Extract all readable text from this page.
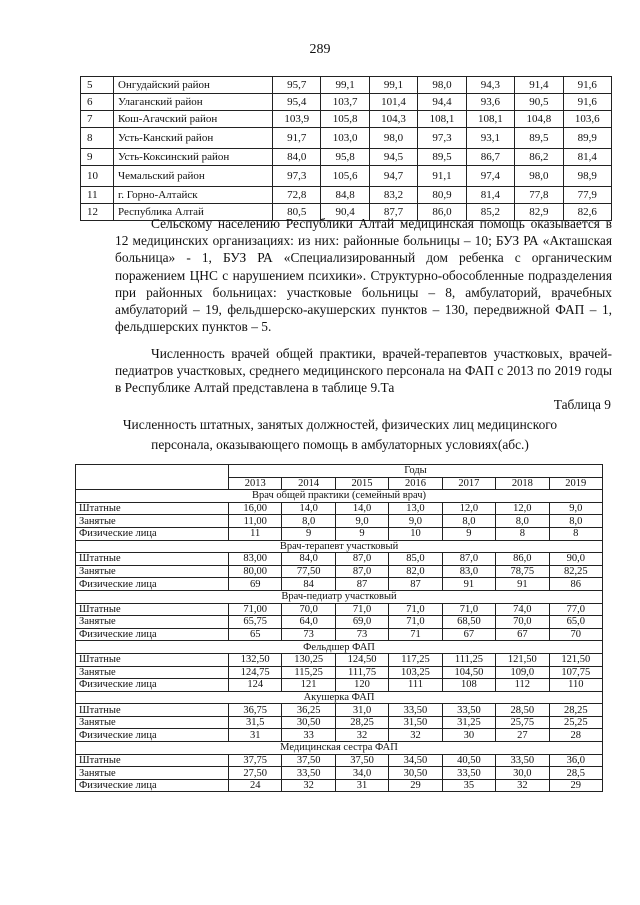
289
5	Онгудайский район	95,7	99,1	99,1	98,0	94,3	91,4	91,6
6	Улаганский район	95,4	103,7	101,4	94,4	93,6	90,5	91,6
7	Кош-Агачский район	103,9	105,8	104,3	108,1	108,1	104,8	103,6
8	Усть-Канский район	91,7	103,0	98,0	97,3	93,1	89,5	89,9
9	Усть-Коксинский район	84,0	95,8	94,5	89,5	86,7	86,2	81,4
10	Чемальский район	97,3	105,6	94,7	91,1	97,4	98,0	98,9
11	г. Горно-Алтайск	72,8	84,8	83,2	80,9	81,4	77,8	77,9
12	Республика Алтай	80,5	90,4	87,7	86,0	85,2	82,9	82,6
Сельскому населению Республики Алтай медицинская помощь оказывается в 12 медицинских организациях: из них: районные больницы – 10; БУЗ РА «Акташская больница» - 1, БУЗ РА «Специализированный дом ребенка с органическим поражением ЦНС с нарушением психики». Структурно-обособленные подразделения при районных больницах: участковые больницы – 8, амбулаторий, врачебных амбулаторий – 19, фельдшерско-акушерских пунктов – 130, передвижной ФАП – 1, фельдшерских пунктов – 5.
Численность врачей общей практики, врачей-терапевтов участковых, врачей-педиатров участковых, среднего медицинского персонала на ФАП с 2013 по 2019 годы в Республике Алтай представлена в таблице 9.Та
Таблица 9
Численность штатных, занятых должностей, физических лиц медицинского
персонала, оказывающего помощь в амбулаторных условиях(абс.)
	Годы						
	2013	2014	2015	2016	2017	2018	2019
Врач общей практики (семейный врач)							
Штатные	16,00	14,0	14,0	13,0	12,0	12,0	9,0
Занятые	11,00	8,0	9,0	9,0	8,0	8,0	8,0
Физические лица	11	9	9	10	9	8	8
Врач-терапевт участковый							
Штатные	83,00	84,0	87,0	85,0	87,0	86,0	90,0
Занятые	80,00	77,50	87,0	82,0	83,0	78,75	82,25
Физические лица	69	84	87	87	91	91	86
Врач-педиатр участковый							
Штатные	71,00	70,0	71,0	71,0	71,0	74,0	77,0
Занятые	65,75	64,0	69,0	71,0	68,50	70,0	65,0
Физические лица	65	73	73	71	67	67	70
Фельдшер ФАП							
Штатные	132,50	130,25	124,50	117,25	111,25	121,50	121,50
Занятые	124,75	115,25	111,75	103,25	104,50	109,0	107,75
Физические лица	124	121	120	111	108	112	110
Акушерка ФАП							
Штатные	36,75	36,25	31,0	33,50	33,50	28,50	28,25
Занятые	31,5	30,50	28,25	31,50	31,25	25,75	25,25
Физические лица	31	33	32	32	30	27	28
Медицинская сестра ФАП							
Штатные	37,75	37,50	37,50	34,50	40,50	33,50	36,0
Занятые	27,50	33,50	34,0	30,50	33,50	30,0	28,5
Физические лица	24	32	31	29	35	32	29
